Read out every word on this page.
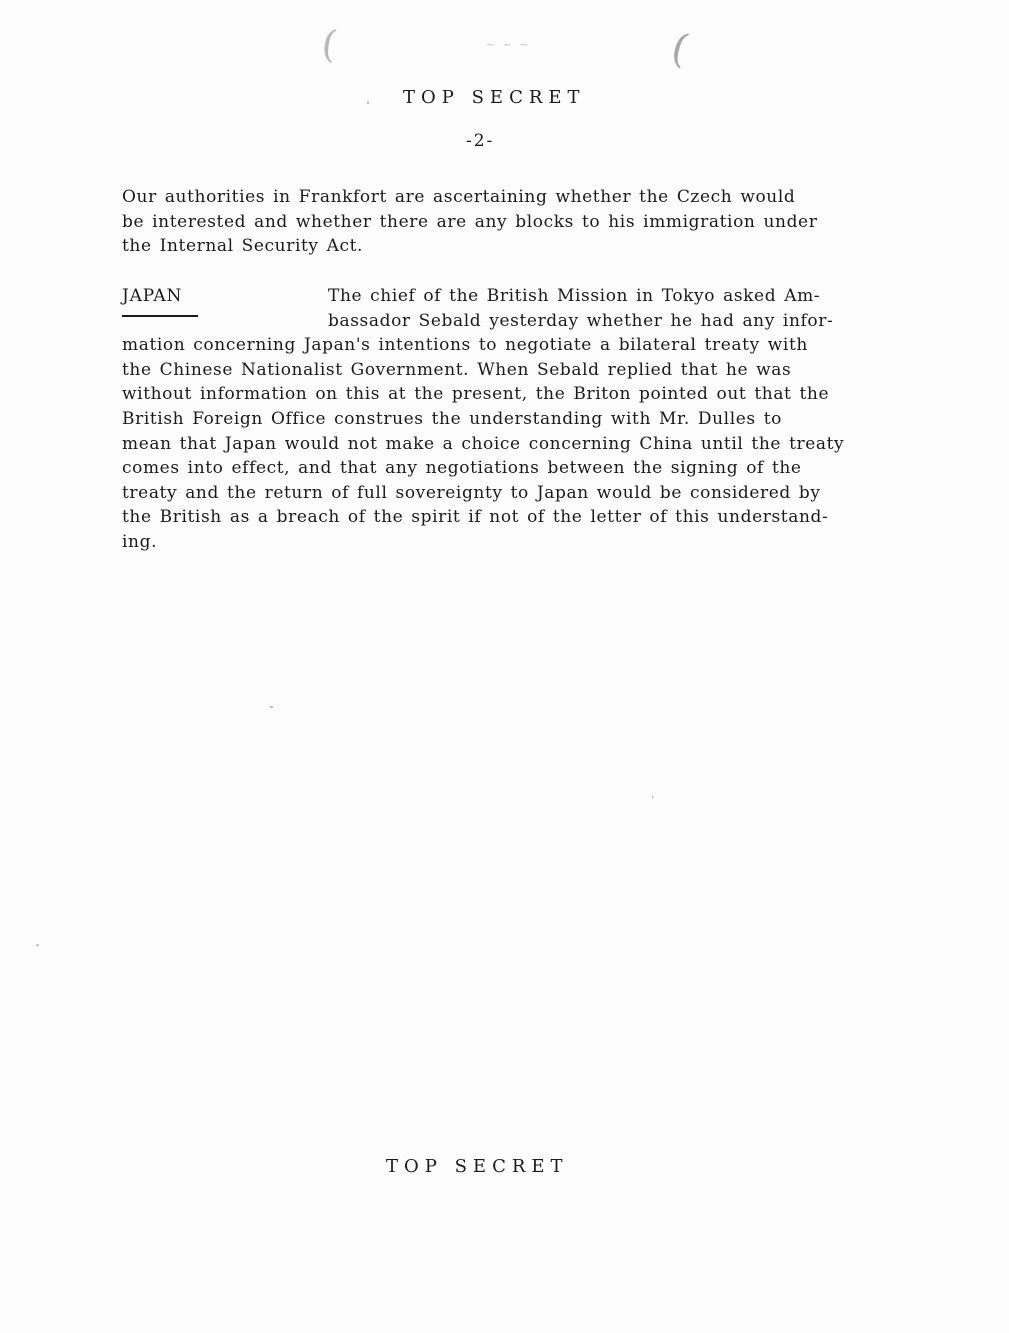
(	~ ~ ~	(
TOP SECRET
-2-
Our authorities in Frankfort are ascertaining whether the Czech would
be interested and whether there are any blocks to his immigration under
the Internal Security Act.
JAPAN	The chief of the British Mission in Tokyo asked Am-
bassador Sebald yesterday whether he had any infor-
mation concerning Japan's intentions to negotiate a bilateral treaty with
the Chinese Nationalist Government. When Sebald replied that he was
without information on this at the present, the Briton pointed out that the
British Foreign Office construes the understanding with Mr. Dulles to
mean that Japan would not make a choice concerning China until the treaty
comes into effect, and that any negotiations between the signing of the
treaty and the return of full sovereignty to Japan would be considered by
the British as a breach of the spirit if not of the letter of this understand-
ing.
TOP SECRET
